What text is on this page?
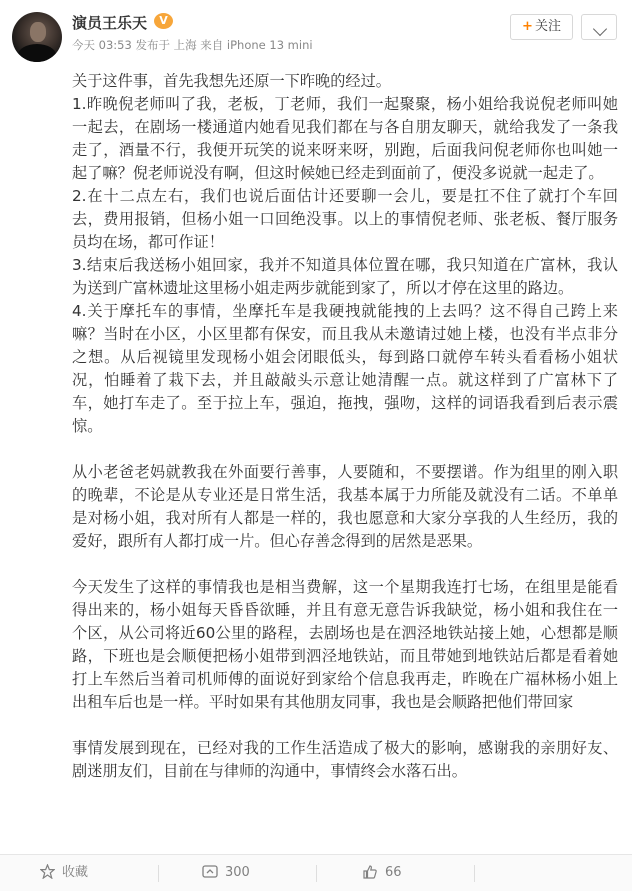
演员王乐天	V
今天 03:53 发布于 上海 来自 iPhone 13 mini
+ 关注
关于这件事，首先我想先还原一下昨晚的经过。
1.昨晚倪老师叫了我，老板，丁老师，我们一起聚聚，杨小姐给我说倪老师叫她一起去，在剧场一楼通道内她看见我们都在与各自朋友聊天，就给我发了一条我走了，酒量不行，我便开玩笑的说来呀来呀，别跑，后面我问倪老师你也叫她一起了嘛？倪老师说没有啊，但这时候她已经走到面前了，便没多说就一起走了。
2.在十二点左右，我们也说后面估计还要聊一会儿，要是扛不住了就打个车回去，费用报销，但杨小姐一口回绝没事。以上的事情倪老师、张老板、餐厅服务员均在场，都可作证！
3.结束后我送杨小姐回家，我并不知道具体位置在哪，我只知道在广富林，我认为送到广富林遗址这里杨小姐走两步就能到家了，所以才停在这里的路边。
4.关于摩托车的事情，坐摩托车是我硬拽就能拽的上去吗？这不得自己跨上来嘛？当时在小区，小区里都有保安，而且我从未邀请过她上楼，也没有半点非分之想。从后视镜里发现杨小姐会闭眼低头，每到路口就停车转头看看杨小姐状况，怕睡着了栽下去，并且敲敲头示意让她清醒一点。就这样到了广富林下了车，她打车走了。至于拉上车，强迫，拖拽，强吻，这样的词语我看到后表示震惊。
从小老爸老妈就教我在外面要行善事，人要随和，不要摆谱。作为组里的刚入职的晚辈，不论是从专业还是日常生活，我基本属于力所能及就没有二话。不单单是对杨小姐，我对所有人都是一样的，我也愿意和大家分享我的人生经历，我的爱好，跟所有人都打成一片。但心存善念得到的居然是恶果。
今天发生了这样的事情我也是相当费解，这一个星期我连打七场，在组里是能看得出来的，杨小姐每天昏昏欲睡，并且有意无意告诉我缺觉，杨小姐和我住在一个区，从公司将近60公里的路程，去剧场也是在泗泾地铁站接上她，心想都是顺路，下班也是会顺便把杨小姐带到泗泾地铁站，而且带她到地铁站后都是看着她打上车然后当着司机师傅的面说好到家给个信息我再走，昨晚在广福林杨小姐上出租车后也是一样。平时如果有其他朋友同事，我也是会顺路把他们带回家
事情发展到现在，已经对我的工作生活造成了极大的影响，感谢我的亲朋好友、剧迷朋友们，目前在与律师的沟通中，事情终会水落石出。
收藏	300	66
